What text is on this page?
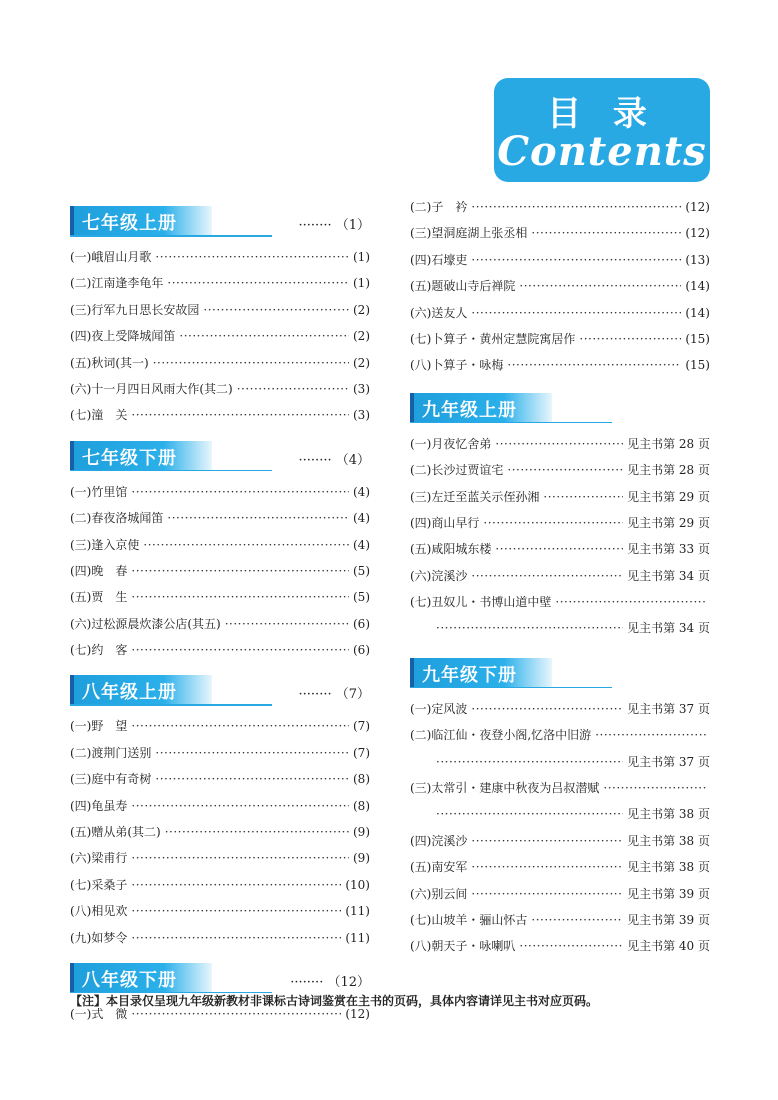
目 录
Contents
七年级上册	········ （1）
(一)峨眉山月歌 ·····	(1)
(二)江南逢李龟年 ·····	(1)
(三)行军九日思长安故园 ·····	(2)
(四)夜上受降城闻笛 ·····	(2)
(五)秋词(其一) ·····	(2)
(六)十一月四日风雨大作(其二) ·····	(3)
(七)潼　关 ·····	(3)
七年级下册	········ （4）
(一)竹里馆 ·····	(4)
(二)春夜洛城闻笛 ·····	(4)
(三)逢入京使 ·····	(4)
(四)晚　春 ·····	(5)
(五)贾　生 ·····	(5)
(六)过松源晨炊漆公店(其五) ·····	(6)
(七)约　客 ·····	(6)
八年级上册	········ （7）
(一)野　望 ·····	(7)
(二)渡荆门送别 ·····	(7)
(三)庭中有奇树 ·····	(8)
(四)龟虽寿 ·····	(8)
(五)赠从弟(其二) ·····	(9)
(六)梁甫行 ·····	(9)
(七)采桑子 ·····	(10)
(八)相见欢 ·····	(11)
(九)如梦令 ·····	(11)
八年级下册	········ （12）
(一)式　微 ·····	(12)
(二)子　衿 ·····	(12)
(三)望洞庭湖上张丞相 ·····	(12)
(四)石壕吏 ·····	(13)
(五)题破山寺后禅院 ·····	(14)
(六)送友人 ·····	(14)
(七)卜算子・黄州定慧院寓居作 ·····	(15)
(八)卜算子・咏梅 ·····	(15)
九年级上册
(一)月夜忆舍弟 ·····	见主书第 28 页
(二)长沙过贾谊宅 ·····	见主书第 28 页
(三)左迁至蓝关示侄孙湘 ·····	见主书第 29 页
(四)商山早行 ·····	见主书第 29 页
(五)咸阳城东楼 ·····	见主书第 33 页
(六)浣溪沙 ·····	见主书第 34 页
(七)丑奴儿・书博山道中壁
·····
·····
见主书第 34 页
九年级下册
(一)定风波 ·····	见主书第 37 页
(二)临江仙・夜登小阁,忆洛中旧游
·····
·····
见主书第 37 页
(三)太常引・建康中秋夜为吕叔潜赋
·····
·····
见主书第 38 页
(四)浣溪沙 ·····	见主书第 38 页
(五)南安军 ·····	见主书第 38 页
(六)别云间 ·····	见主书第 39 页
(七)山坡羊・骊山怀古 ·····	见主书第 39 页
(八)朝天子・咏喇叭 ·····	见主书第 40 页
【注】本目录仅呈现九年级新教材非课标古诗词鉴赏在主书的页码，具体内容请详见主书对应页码。
